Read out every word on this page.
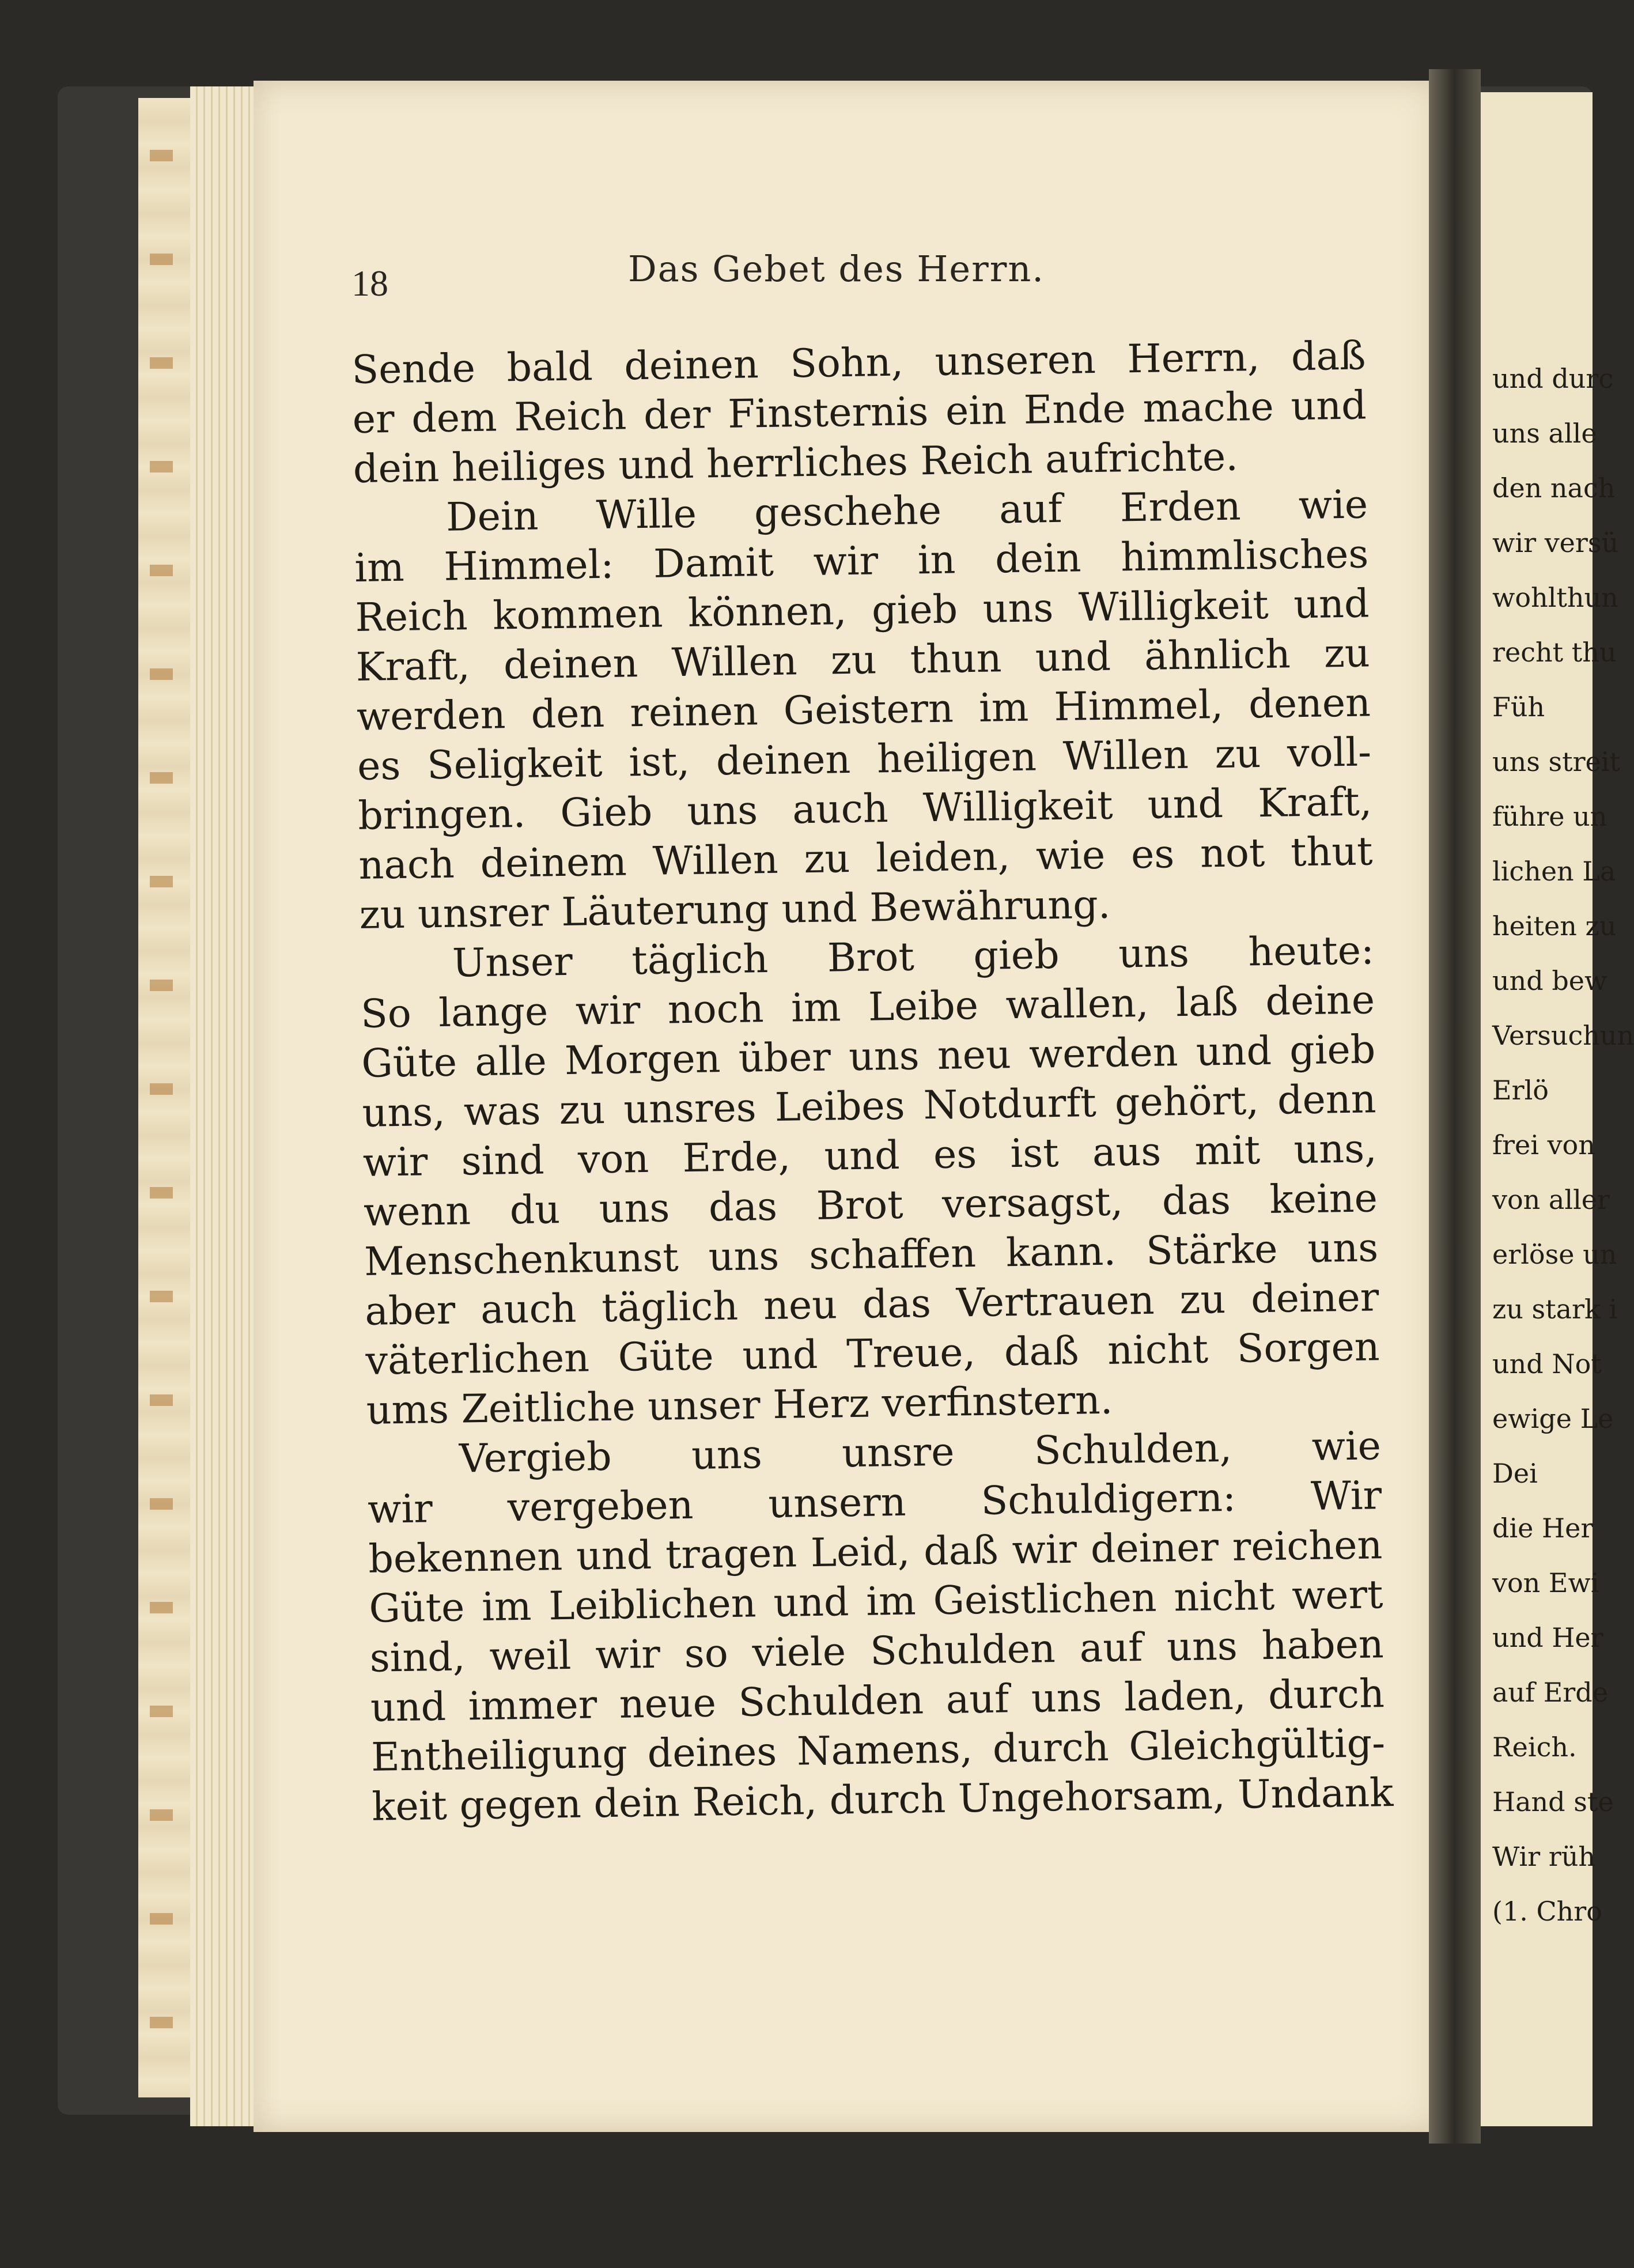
18	Das Gebet des Herrn.
Sende bald deinen Sohn, unseren Herrn, daß
er dem Reich der Finsternis ein Ende mache und
dein heiliges und herrliches Reich aufrichte.
Dein Wille geschehe auf Erden wie
im Himmel: Damit wir in dein himmlisches
Reich kommen können, gieb uns Willigkeit und
Kraft, deinen Willen zu thun und ähnlich zu
werden den reinen Geistern im Himmel, denen
es Seligkeit ist, deinen heiligen Willen zu voll-
bringen. Gieb uns auch Willigkeit und Kraft,
nach deinem Willen zu leiden, wie es not thut
zu unsrer Läuterung und Bewährung.
Unser täglich Brot gieb uns heute:
So lange wir noch im Leibe wallen, laß deine
Güte alle Morgen über uns neu werden und gieb
uns, was zu unsres Leibes Notdurft gehört, denn
wir sind von Erde, und es ist aus mit uns,
wenn du uns das Brot versagst, das keine
Menschenkunst uns schaffen kann. Stärke uns
aber auch täglich neu das Vertrauen zu deiner
väterlichen Güte und Treue, daß nicht Sorgen
ums Zeitliche unser Herz verfinstern.
Vergieb uns unsre Schulden, wie
wir vergeben unsern Schuldigern: Wir
bekennen und tragen Leid, daß wir deiner reichen
Güte im Leiblichen und im Geistlichen nicht wert
sind, weil wir so viele Schulden auf uns haben
und immer neue Schulden auf uns laden, durch
Entheiligung deines Namens, durch Gleichgültig-
keit gegen dein Reich, durch Ungehorsam, Undank
und durc
uns alle
den nach
wir versü
wohlthun
recht thu
Füh
uns streit
führe un
lichen La
heiten zu
und bew
Versuchun
Erlö
frei von
von aller
erlöse un
zu stark i
und Not
ewige Le
Dei
die Her
von Ewi
und Her
auf Erde
Reich.
Hand ste
Wir rüh
(1. Chro
